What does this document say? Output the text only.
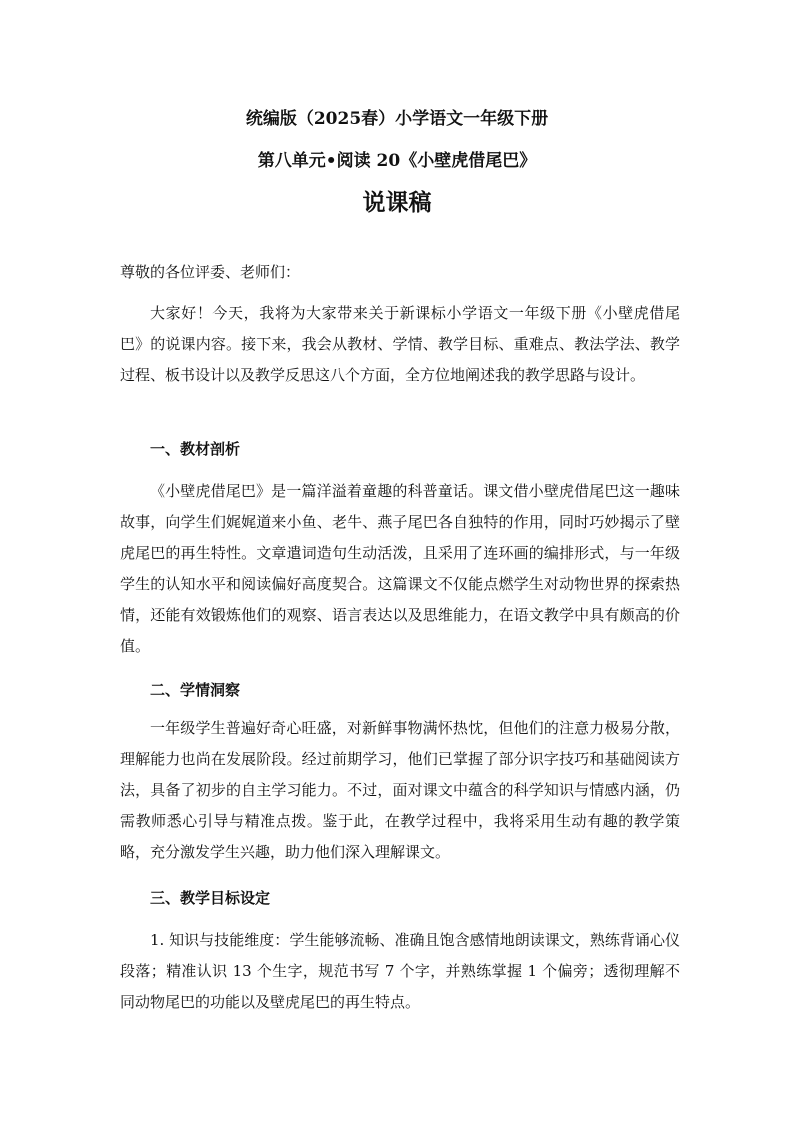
统编版（2025春）小学语文一年级下册
第八单元•阅读 20《小壁虎借尾巴》
说课稿
尊敬的各位评委、老师们：
大家好！今天，我将为大家带来关于新课标小学语文一年级下册《小壁虎借尾巴》的说课内容。接下来，我会从教材、学情、教学目标、重难点、教法学法、教学过程、板书设计以及教学反思这八个方面，全方位地阐述我的教学思路与设计。
一、教材剖析
《小壁虎借尾巴》是一篇洋溢着童趣的科普童话。课文借小壁虎借尾巴这一趣味故事，向学生们娓娓道来小鱼、老牛、燕子尾巴各自独特的作用，同时巧妙揭示了壁虎尾巴的再生特性。文章遣词造句生动活泼，且采用了连环画的编排形式，与一年级学生的认知水平和阅读偏好高度契合。这篇课文不仅能点燃学生对动物世界的探索热情，还能有效锻炼他们的观察、语言表达以及思维能力，在语文教学中具有颇高的价值。
二、学情洞察
一年级学生普遍好奇心旺盛，对新鲜事物满怀热忱，但他们的注意力极易分散，理解能力也尚在发展阶段。经过前期学习，他们已掌握了部分识字技巧和基础阅读方法，具备了初步的自主学习能力。不过，面对课文中蕴含的科学知识与情感内涵，仍需教师悉心引导与精准点拨。鉴于此，在教学过程中，我将采用生动有趣的教学策略，充分激发学生兴趣，助力他们深入理解课文。
三、教学目标设定
1. 知识与技能维度：学生能够流畅、准确且饱含感情地朗读课文，熟练背诵心仪段落；精准认识 13 个生字，规范书写 7 个字，并熟练掌握 1 个偏旁；透彻理解不同动物尾巴的功能以及壁虎尾巴的再生特点。
